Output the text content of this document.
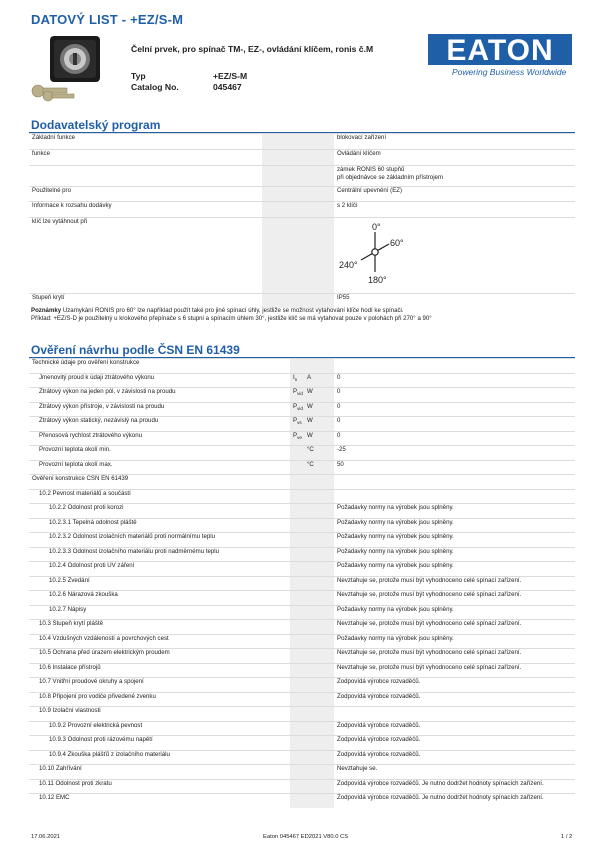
DATOVÝ LIST - +EZ/S-M
Čelní prvek, pro spínač TM-, EZ-, ovládání klíčem, ronis č.M
Typ	+EZ/S-M
Catalog No.	045467
EATON
Powering Business Worldwide
Dodavatelský program
Základní funkce		blokovací zařízení
funkce		Ovládání klíčem

		zámek RONIS 60 stupňů
při objednávce se základním přístrojem

Použitelné pro		Centrální upevnění (EZ)
Informace k rozsahu dodávky		s 2 klíči
klíč lze vytáhnout při		0°
60°
240°
180°

Stupeň krytí		IP55
Poznámky Uzamykání RONIS pro 60° lze například použít také pro jiné spínací úhly, jestliže se možnost vytahování klíče hodí ke spínači.
Příklad: +EZ/S-D je použitelný u krokového přepínače s 6 stupni a spínacím úhlem 30°, jestliže klíč se má vytahovat pouze v polohách při 270° a 90°
Ověření návrhu podle ČSN EN 61439
Technické údaje pro ověření konstrukce			
Jmenovitý proud k údaji ztrátového výkonu	$I_n$	A	0
Ztrátový výkon na jeden pól, v závislosti na proudu	$P_{vid}$	W	0
Ztrátový výkon přístroje, v závislosti na proudu	$P_{vid}$	W	0
Ztrátový výkon statický, nezávislý na proudu	$P_{vs}$	W	0
Přenosová rychlost ztrátového výkonu	$P_{ve}$	W	0
Provozní teplota okolí min.		°C	-25
Provozní teplota okolí max.		°C	50
Ověření konstrukce ČSN EN 61439			
10.2 Pevnost materiálů a součástí			
10.2.2 Odolnost proti korozi			Požadavky normy na výrobek jsou splněny.
10.2.3.1 Tepelná odolnost pláště			Požadavky normy na výrobek jsou splněny.
10.2.3.2 Odolnost izolačních materiálů proti normálnímu teplu			Požadavky normy na výrobek jsou splněny.
10.2.3.3 Odolnost izolačního materiálu proti nadměrnému teplu			Požadavky normy na výrobek jsou splněny.
10.2.4 Odolnost proti UV záření			Požadavky normy na výrobek jsou splněny.
10.2.5 Zvedání			Nevztahuje se, protože musí být vyhodnoceno celé spínací zařízení.
10.2.6 Nárazová zkouška			Nevztahuje se, protože musí být vyhodnoceno celé spínací zařízení.
10.2.7 Nápisy			Požadavky normy na výrobek jsou splněny.
10.3 Stupeň krytí pláště			Nevztahuje se, protože musí být vyhodnoceno celé spínací zařízení.
10.4 Vzdušných vzdáleností a povrchových cest			Požadavky normy na výrobek jsou splněny.
10.5 Ochrana před úrazem elektrickým proudem			Nevztahuje se, protože musí být vyhodnoceno celé spínací zařízení.
10.6 Instalace přístrojů			Nevztahuje se, protože musí být vyhodnoceno celé spínací zařízení.
10.7 Vnitřní proudové okruhy a spojení			Zodpovídá výrobce rozvaděčů.
10.8 Připojení pro vodiče přivedené zvenku			Zodpovídá výrobce rozvaděčů.
10.9 Izolační vlastnosti			
10.9.2 Provozní elektrická pevnost			Zodpovídá výrobce rozvaděčů.
10.9.3 Odolnost proti rázovému napětí			Zodpovídá výrobce rozvaděčů.
10.9.4 Zkouška plášťů z izolačního materiálu			Zodpovídá výrobce rozvaděčů.
10.10 Zahřívání			Nevztahuje se.
10.11 Odolnost proti zkratu			Zodpovídá výrobce rozvaděčů. Je nutno dodržet hodnoty spínacích zařízení.
10.12 EMC			Zodpovídá výrobce rozvaděčů. Je nutno dodržet hodnoty spínacích zařízení.
17.06.2021	Eaton 045467 ED2021 V80.0 CS	1 / 2
